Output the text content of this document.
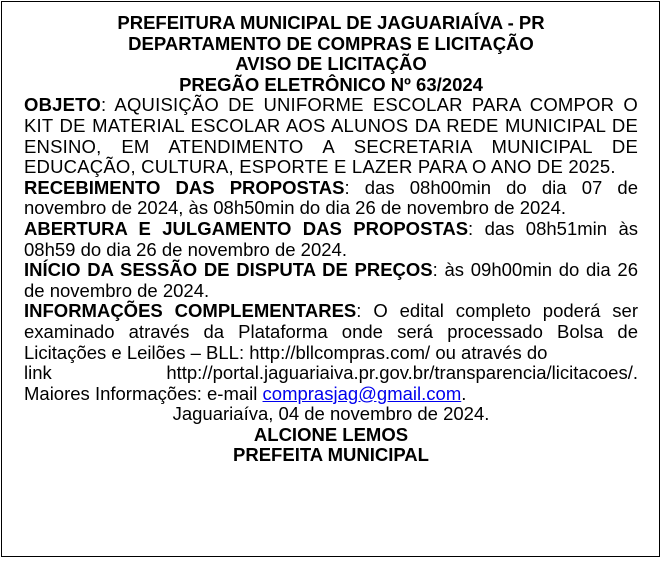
PREFEITURA MUNICIPAL DE JAGUARIAÍVA - PR
DEPARTAMENTO DE COMPRAS E LICITAÇÃO
AVISO DE LICITAÇÃO
PREGÃO ELETRÔNICO Nº 63/2024
OBJETO: AQUISIÇÃO DE UNIFORME ESCOLAR PARA COMPOR O KIT DE MATERIAL ESCOLAR AOS ALUNOS DA REDE MUNICIPAL DE ENSINO, EM ATENDIMENTO A SECRETARIA MUNICIPAL DE EDUCAÇÃO, CULTURA, ESPORTE E LAZER PARA O ANO DE 2025.
RECEBIMENTO DAS PROPOSTAS: das 08h00min do dia 07 de novembro de 2024, às 08h50min do dia 26 de novembro de 2024.
ABERTURA E JULGAMENTO DAS PROPOSTAS: das 08h51min às 08h59 do dia 26 de novembro de 2024.
INÍCIO DA SESSÃO DE DISPUTA DE PREÇOS: às 09h00min do dia 26 de novembro de 2024.
INFORMAÇÕES COMPLEMENTARES: O edital completo poderá ser examinado através da Plataforma onde será processado Bolsa de Licitações e Leilões – BLL: http://bllcompras.com/ ou através do
link	http://portal.jaguariaiva.pr.gov.br/transparencia/licitacoes/.
Maiores Informações: e-mail comprasjag@gmail.com.
Jaguariaíva, 04 de novembro de 2024.
ALCIONE LEMOS
PREFEITA MUNICIPAL
